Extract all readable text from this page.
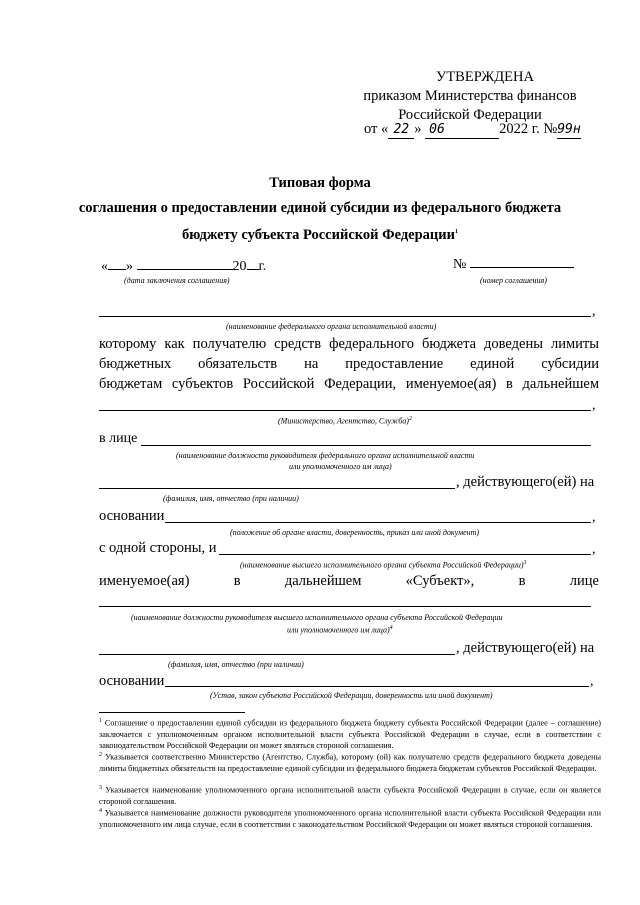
УТВЕРЖДЕНА
приказом Министерства финансов
Российской Федерации
от « 22 » 06	2022 г. №99н
Типовая форма
соглашения о предоставлении единой субсидии из федерального бюджета
бюджету субъекта Российской Федерации$^1$
« »	20 г.
(дата заключения соглашения)
№
(номер соглашения)
,
(наименование федерального органа исполнительной власти)
которому как получателю средств федерального бюджета доведены лимиты
бюджетных обязательств на предоставление единой субсидии
бюджетам субъектов Российской Федерации, именуемое(ая) в дальнейшем
,
(Министерство, Агентство, Служба)$^2$
в лице
(наименование должности руководителя федерального органа исполнительной власти
или уполномоченного им лица)
, действующего(ей) на
(фамилия, имя, отчество (при наличии)
основании	,
(положение об органе власти, доверенность, приказ или иной документ)
с одной стороны, и	,
(наименование высшего исполнительного органа субъекта Российской Федерации)$^3$
именуемое(ая)	в	дальнейшем	«Субъект»,	в	лице
(наименование должности руководителя высшего исполнительного органа субъекта Российской Федерации
или уполномоченного им лица)$^4$
, действующего(ей) на
(фамилия, имя, отчество (при наличии)
основании	,
(Устав, закон субъекта Российской Федерации, доверенность или иной документ)
$^1$ Соглашение о предоставлении единой субсидии из федерального бюджета бюджету субъекта Российской Федерации (далее – соглашение) заключается с уполномоченным органом исполнительной власти субъекта Российской Федерации в случае, если в соответствии с законодательством Российской Федерации он может являться стороной соглашения.
$^2$ Указывается соответственно Министерство (Агентство, Служба), которому (ой) как получателю средств федерального бюджета доведены лимиты бюджетных обязательств на предоставление единой субсидии из федерального бюджета бюджетам субъектов Российской Федерации.
$^3$ Указывается наименование уполномоченного органа исполнительной власти субъекта Российской Федерации в случае, если он является стороной соглашения.
$^4$ Указывается наименование должности руководителя уполномоченного органа исполнительной власти субъекта Российской Федерации или уполномоченного им лица случае, если в соответствии с законодательством Российской Федерации он может являться стороной соглашения.
